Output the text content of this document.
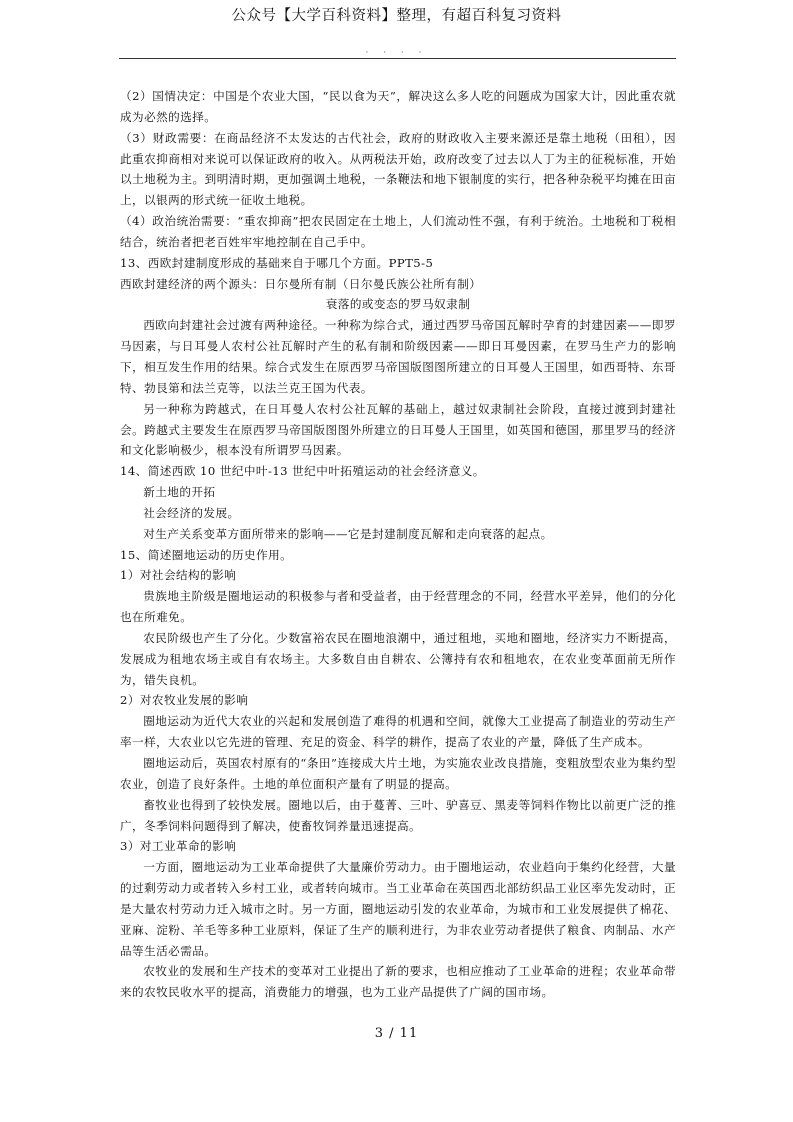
公众号【大学百科资料】整理，有超百科复习资料
· · · ·

（2）国情决定：中国是个农业大国，“民以食为天”，解决这么多人吃的问题成为国家大计，因此重农就成为必然的选择。

（3）财政需要：在商品经济不太发达的古代社会，政府的财政收入主要来源还是靠土地税（田租），因此重农抑商相对来说可以保证政府的收入。从两税法开始，政府改变了过去以人丁为主的征税标准，开始以土地税为主。到明清时期，更加强调土地税，一条鞭法和地下银制度的实行，把各种杂税平均摊在田亩上，以银两的形式统一征收土地税。

（4）政治统治需要：“重农抑商”把农民固定在土地上，人们流动性不强，有利于统治。土地税和丁税相结合，统治者把老百姓牢牢地控制在自己手中。

13、西欧封建制度形成的基础来自于哪几个方面。PPT5-5

西欧封建经济的两个源头：日尔曼所有制（日尔曼氏族公社所有制）

衰落的或变态的罗马奴隶制

西欧向封建社会过渡有两种途径。一种称为综合式，通过西罗马帝国瓦解时孕育的封建因素——即罗马因素，与日耳曼人农村公社瓦解时产生的私有制和阶级因素——即日耳曼因素，在罗马生产力的影响下，相互发生作用的结果。综合式发生在原西罗马帝国版图图所建立的日耳曼人王国里，如西哥特、东哥特、勃艮第和法兰克等，以法兰克王国为代表。

另一种称为跨越式，在日耳曼人农村公社瓦解的基础上，越过奴隶制社会阶段，直接过渡到封建社会。跨越式主要发生在原西罗马帝国版图图外所建立的日耳曼人王国里，如英国和德国，那里罗马的经济和文化影响极少，根本没有所谓罗马因素。

14、简述西欧 10 世纪中叶-13 世纪中叶拓殖运动的社会经济意义。

新土地的开拓

社会经济的发展。

对生产关系变革方面所带来的影响——它是封建制度瓦解和走向衰落的起点。

15、简述圈地运动的历史作用。

1）对社会结构的影响

贵族地主阶级是圈地运动的积极参与者和受益者，由于经营理念的不同，经营水平差异，他们的分化也在所难免。

农民阶级也产生了分化。少数富裕农民在圈地浪潮中，通过租地，买地和圈地，经济实力不断提高，发展成为租地农场主或自有农场主。大多数自由自耕农、公簿持有农和租地农，在农业变革面前无所作为，错失良机。

2）对农牧业发展的影响

圈地运动为近代大农业的兴起和发展创造了难得的机遇和空间，就像大工业提高了制造业的劳动生产率一样，大农业以它先进的管理、充足的资金、科学的耕作，提高了农业的产量，降低了生产成本。

圈地运动后，英国农村原有的“条田”连接成大片土地，为实施农业改良措施，变粗放型农业为集约型农业，创造了良好条件。土地的单位面积产量有了明显的提高。

畜牧业也得到了较快发展。圈地以后，由于蔓菁、三叶、驴喜豆、黑麦等饲料作物比以前更广泛的推广，冬季饲料问题得到了解决，使畜牧饲养量迅速提高。

3）对工业革命的影响

一方面，圈地运动为工业革命提供了大量廉价劳动力。由于圈地运动，农业趋向于集约化经营，大量的过剩劳动力或者转入乡村工业，或者转向城市。当工业革命在英国西北部纺织品工业区率先发动时，正是大量农村劳动力迁入城市之时。另一方面，圈地运动引发的农业革命，为城市和工业发展提供了棉花、亚麻、淀粉、羊毛等多种工业原料，保证了生产的顺利进行，为非农业劳动者提供了粮食、肉制品、水产品等生活必需品。

农牧业的发展和生产技术的变革对工业提出了新的要求，也相应推动了工业革命的进程；农业革命带来的农牧民收水平的提高，消费能力的增强，也为工业产品提供了广阔的国市场。

3 / 11
